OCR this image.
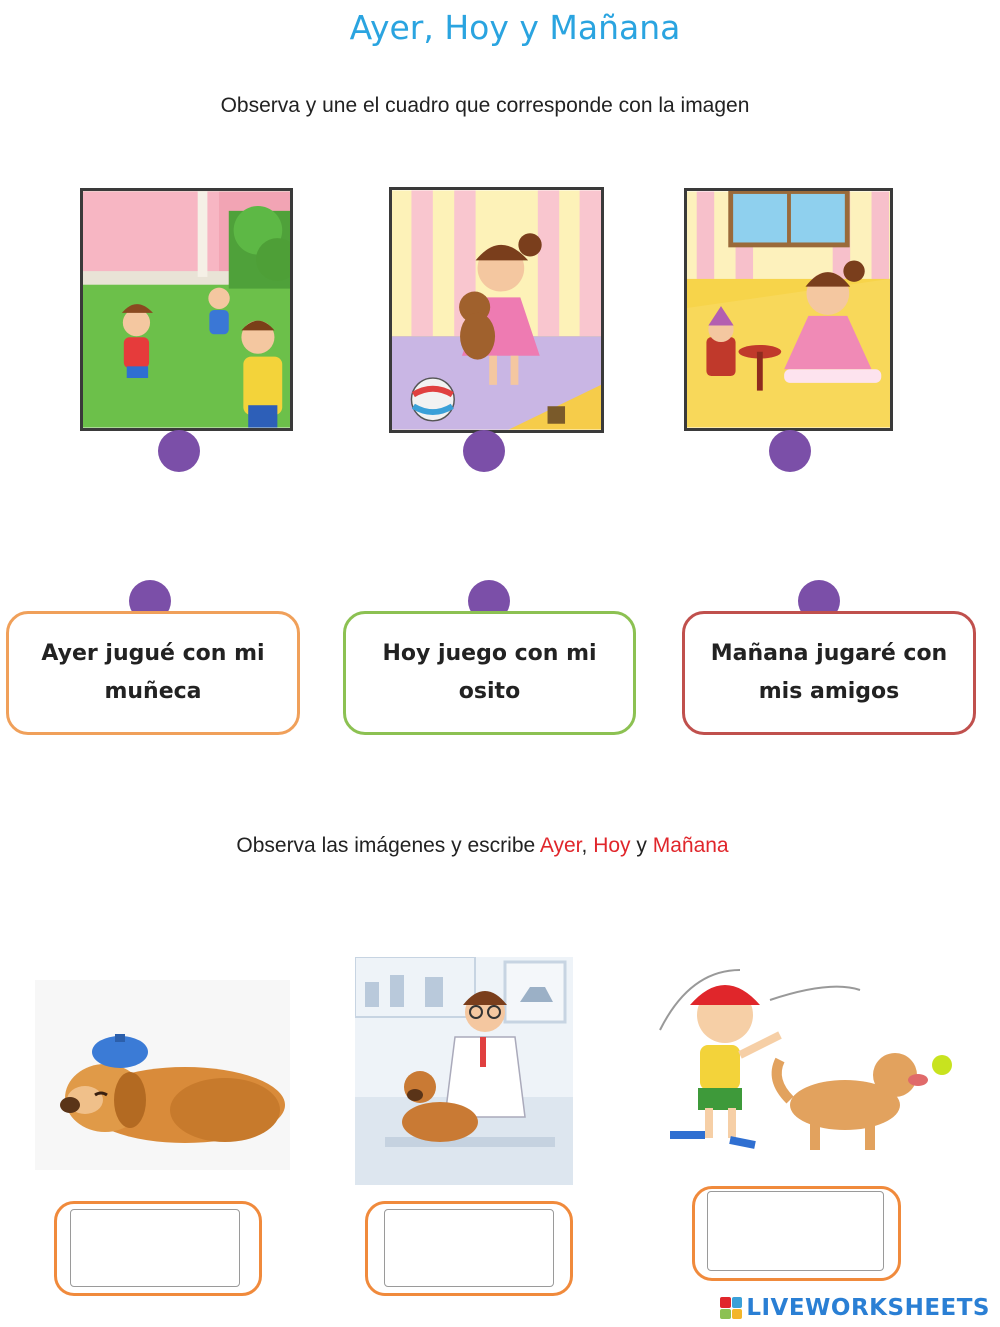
Ayer, Hoy y Mañana
Observa y une el cuadro que corresponde con la imagen
Ayer jugué con mi
muñeca
Hoy juego con mi
osito
Mañana jugaré con
mis amigos
Observa las imágenes y escribe Ayer, Hoy y Mañana
LIVEWORKSHEETS
